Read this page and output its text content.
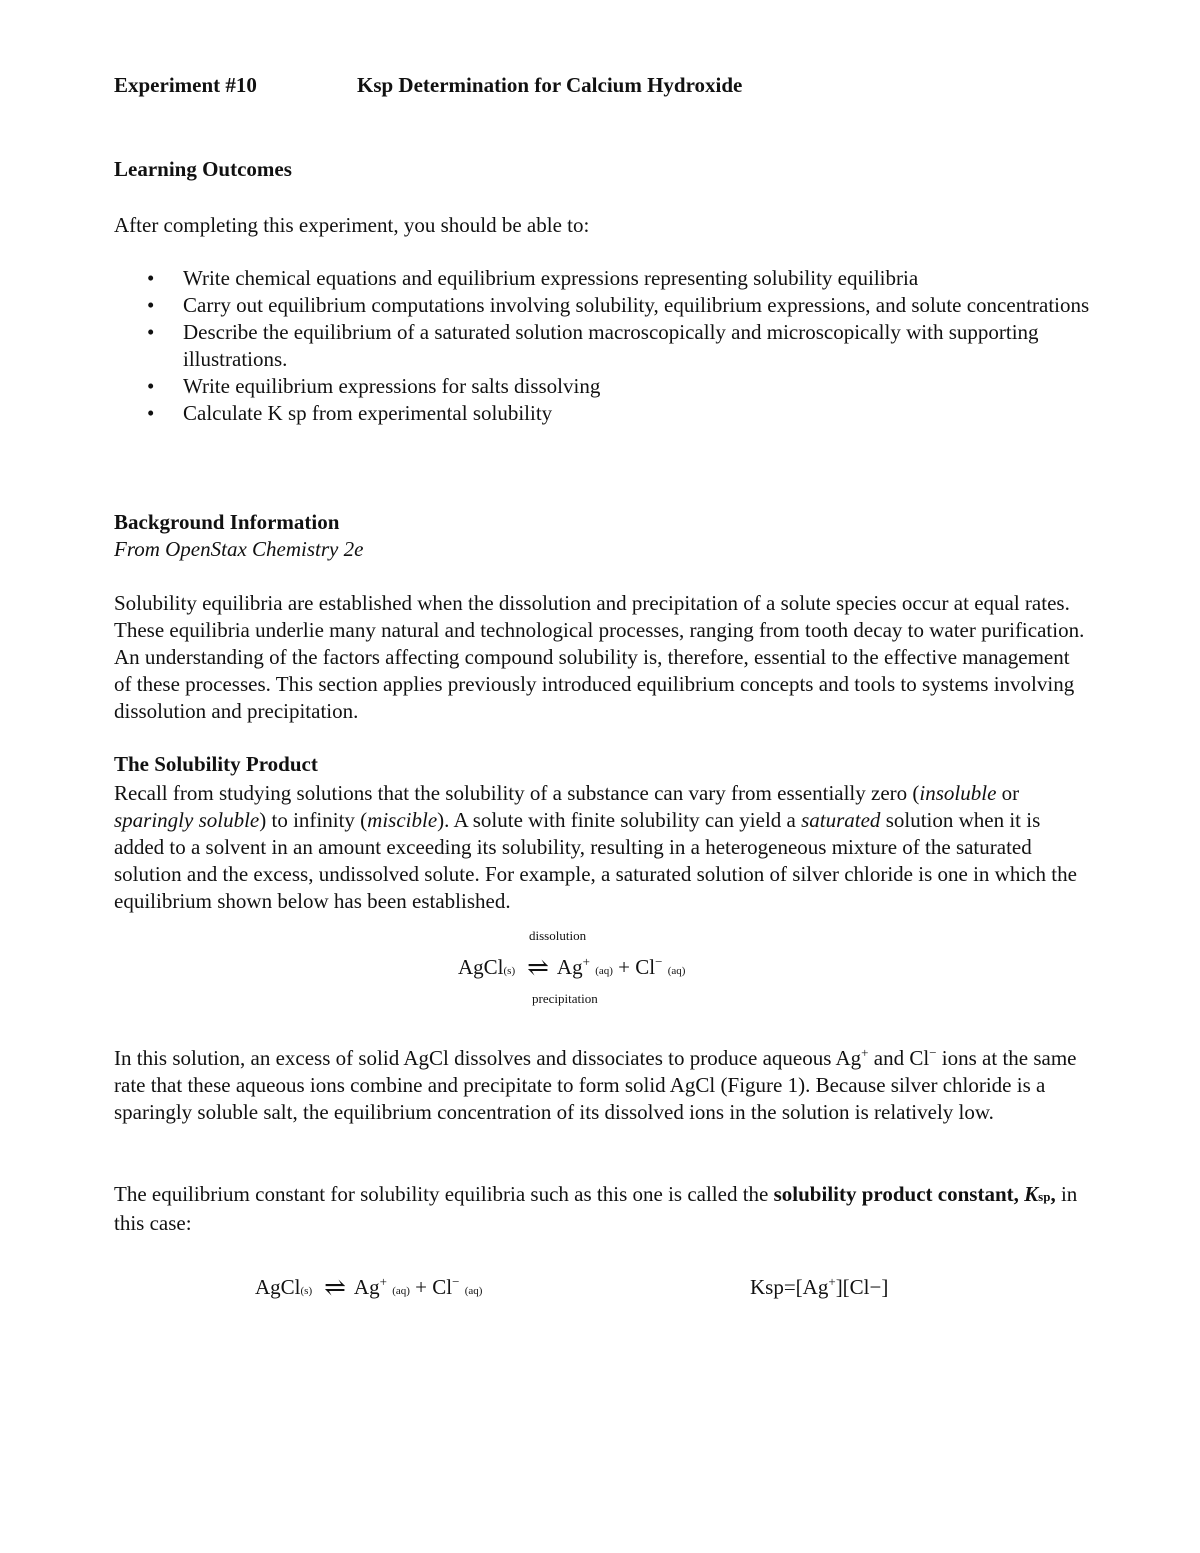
Experiment #10	Ksp Determination for Calcium Hydroxide
Learning Outcomes

After completing this experiment, you should be able to:

• Write chemical equations and equilibrium expressions representing solubility equilibria
• Carry out equilibrium computations involving solubility, equilibrium expressions, and solute concentrations
• Describe the equilibrium of a saturated solution macroscopically and microscopically with supporting illustrations.
• Write equilibrium expressions for salts dissolving
• Calculate K sp from experimental solubility
Background Information

From OpenStax Chemistry 2e

Solubility equilibria are established when the dissolution and precipitation of a solute species occur at equal rates. These equilibria underlie many natural and technological processes, ranging from tooth decay to water purification. An understanding of the factors affecting compound solubility is, therefore, essential to the effective management of these processes. This section applies previously introduced equilibrium concepts and tools to systems involving dissolution and precipitation.

The Solubility Product

Recall from studying solutions that the solubility of a substance can vary from essentially zero (insoluble or sparingly soluble) to infinity (miscible). A solute with finite solubility can yield a saturated solution when it is added to a solvent in an amount exceeding its solubility, resulting in a heterogeneous mixture of the saturated solution and the excess, undissolved solute. For example, a saturated solution of silver chloride is one in which the equilibrium shown below has been established.

dissolution
AgCl(s) ⇌ Ag+ (aq) + Cl− (aq)
precipitation

In this solution, an excess of solid AgCl dissolves and dissociates to produce aqueous Ag+ and Cl− ions at the same rate that these aqueous ions combine and precipitate to form solid AgCl (Figure 1). Because silver chloride is a sparingly soluble salt, the equilibrium concentration of its dissolved ions in the solution is relatively low.

The equilibrium constant for solubility equilibria such as this one is called the solubility product constant, Ksp, in this case:

AgCl(s) ⇌ Ag+ (aq) + Cl− (aq)	Ksp=[Ag+][Cl−]
